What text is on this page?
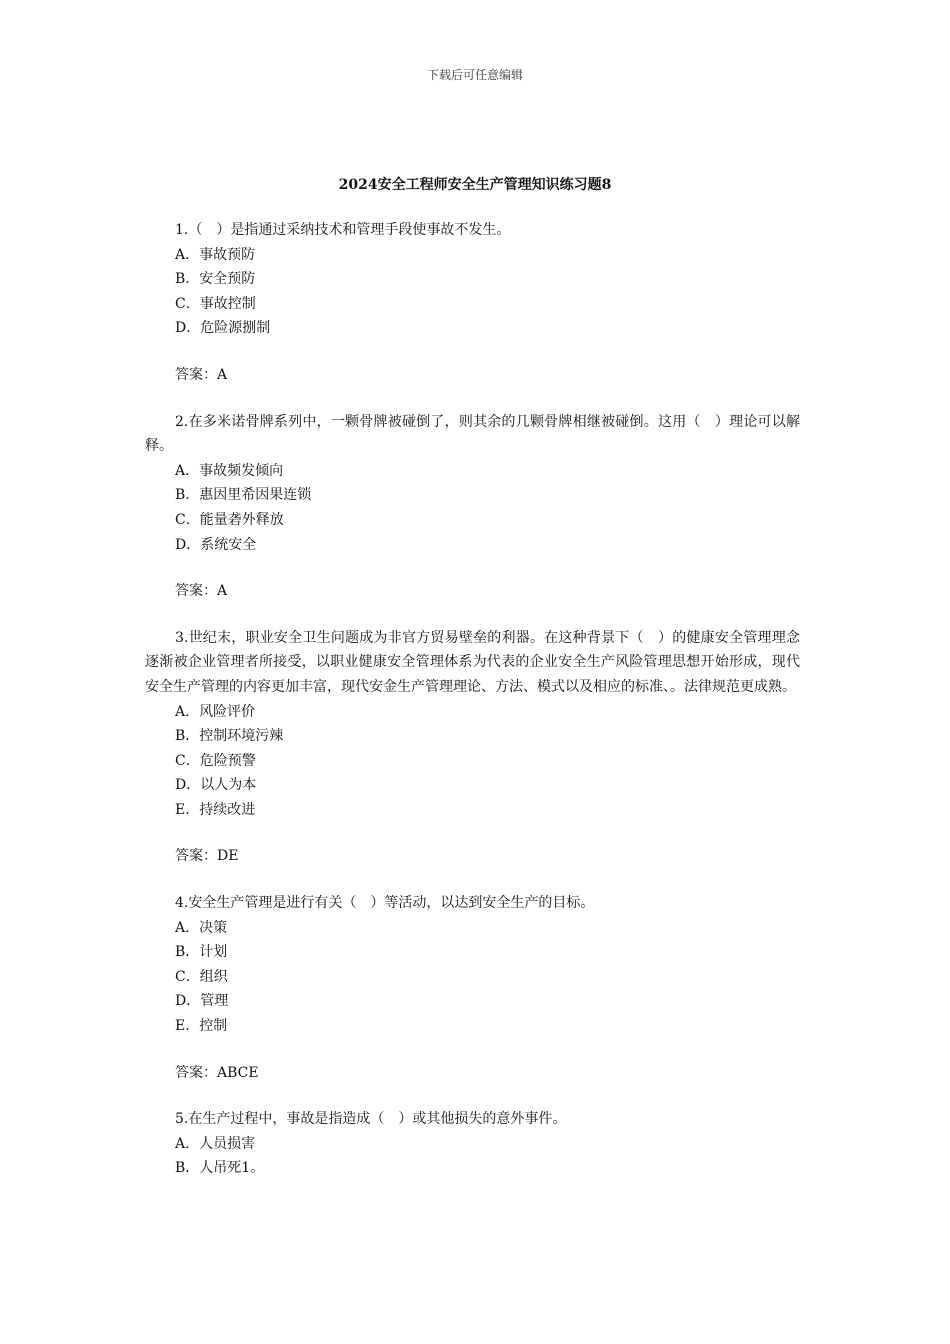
下载后可任意编辑
2024安全工程师安全生产管理知识练习题8
1.（　）是指通过采纳技术和管理手段使事故不发生。
A．事故预防
B．安全预防
C．事故控制
D．危险源捌制
答案：A
2.在多米诺骨牌系列中，一颗骨牌被碰倒了，则其余的几颗骨牌相继被碰倒。这用（　）理论可以解释。
A．事故频发倾向
B．惠因里希因果连锁
C．能量砻外释放
D．系统安全
答案：A
3.世纪末，职业安全卫生问题成为非官方贸易壁垒的利器。在这种背景下（　）的健康安全管理理念逐渐被企业管理者所接受，以职业健康安全管理体系为代表的企业安全生产风险管理思想开始形成，现代安全生产管理的内容更加丰富，现代安金生产管理理论、方法、模式以及相应的标准、。法律规范更成熟。
A．风险评价
B．控制环境污辣
C．危险预警
D．以人为本
E．持续改进
答案：DE
4.安全生产管理是进行有关（　）等活动，以达到安全生产的目标。
A．决策
B．计划
C．组织
D．管理
E．控制
答案：ABCE
5.在生产过程中，事故是指造成（　）或其他损失的意外事件。
A．人员损害
B．人吊死1。
